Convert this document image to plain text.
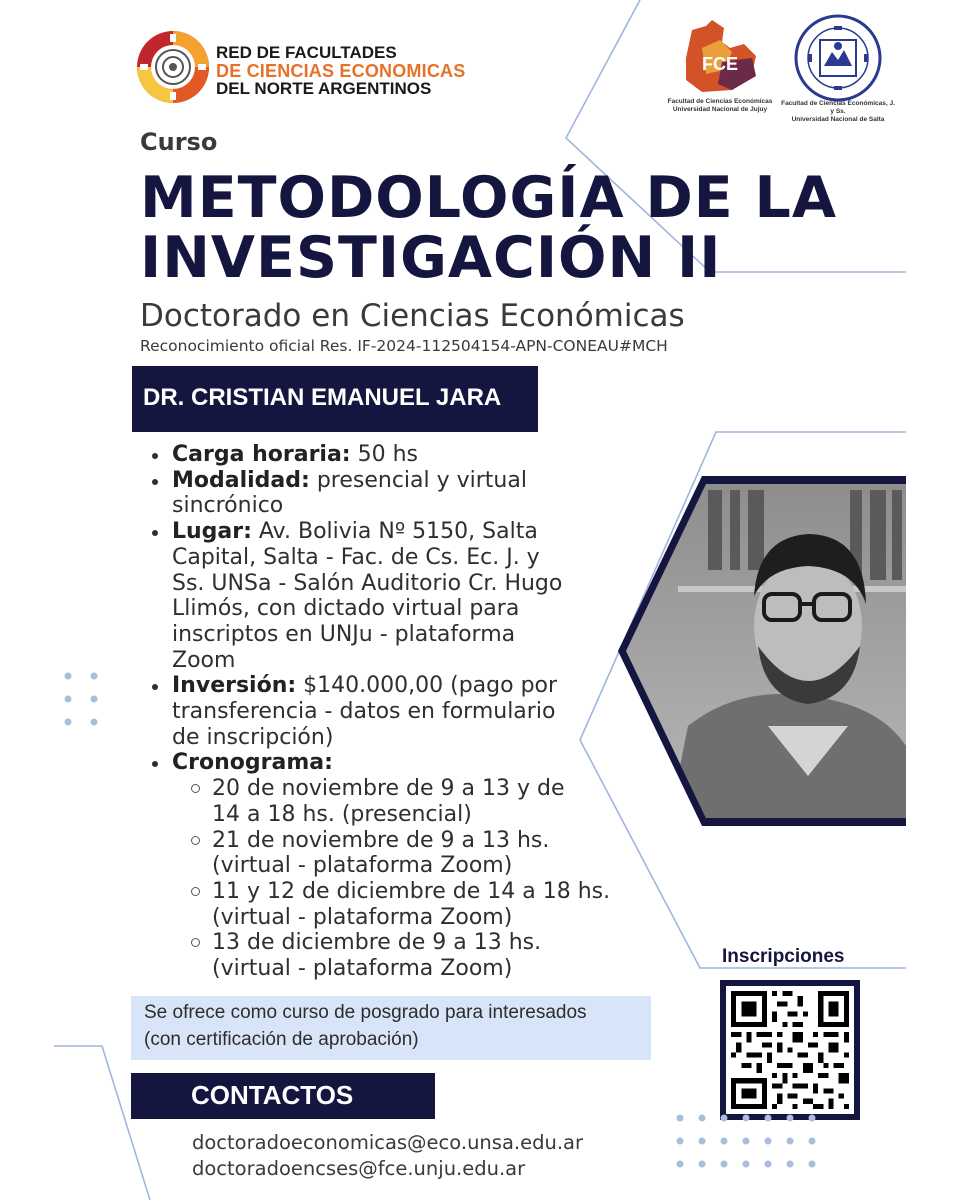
RED DE FACULTADES
DE CIENCIAS ECONOMICAS
DEL NORTE ARGENTINOS
FCE
Facultad de Ciencias Económicas
Universidad Nacional de Jujuy
Facultad de Ciencias Económicas, J. y Ss.
Universidad Nacional de Salta
Curso
METODOLOGÍA DE LA
INVESTIGACIÓN II
Doctorado en Ciencias Económicas
Reconocimiento oficial Res. IF-2024-112504154-APN-CONEAU#MCH
DR. CRISTIAN EMANUEL JARA
Carga horaria: 50 hs
Modalidad: presencial y virtual
sincrónico
Lugar: Av. Bolivia Nº 5150, Salta
Capital, Salta - Fac. de Cs. Ec. J. y
Ss. UNSa - Salón Auditorio Cr. Hugo
Llimós, con dictado virtual para
inscriptos en UNJu - plataforma
Zoom
Inversión: $140.000,00 (pago por
transferencia - datos en formulario
de inscripción)
Cronograma:
20 de noviembre de 9 a 13 y de
14 a 18 hs. (presencial)
21 de noviembre de 9 a 13 hs.
(virtual - plataforma Zoom)
11 y 12 de diciembre de 14 a 18 hs.
(virtual - plataforma Zoom)
13 de diciembre de 9 a 13 hs.
(virtual - plataforma Zoom)	Inscripciones
Se ofrece como curso de posgrado para interesados
(con certificación de aprobación)
CONTACTOS
doctoradoeconomicas@eco.unsa.edu.ar
doctoradoencses@fce.unju.edu.ar
